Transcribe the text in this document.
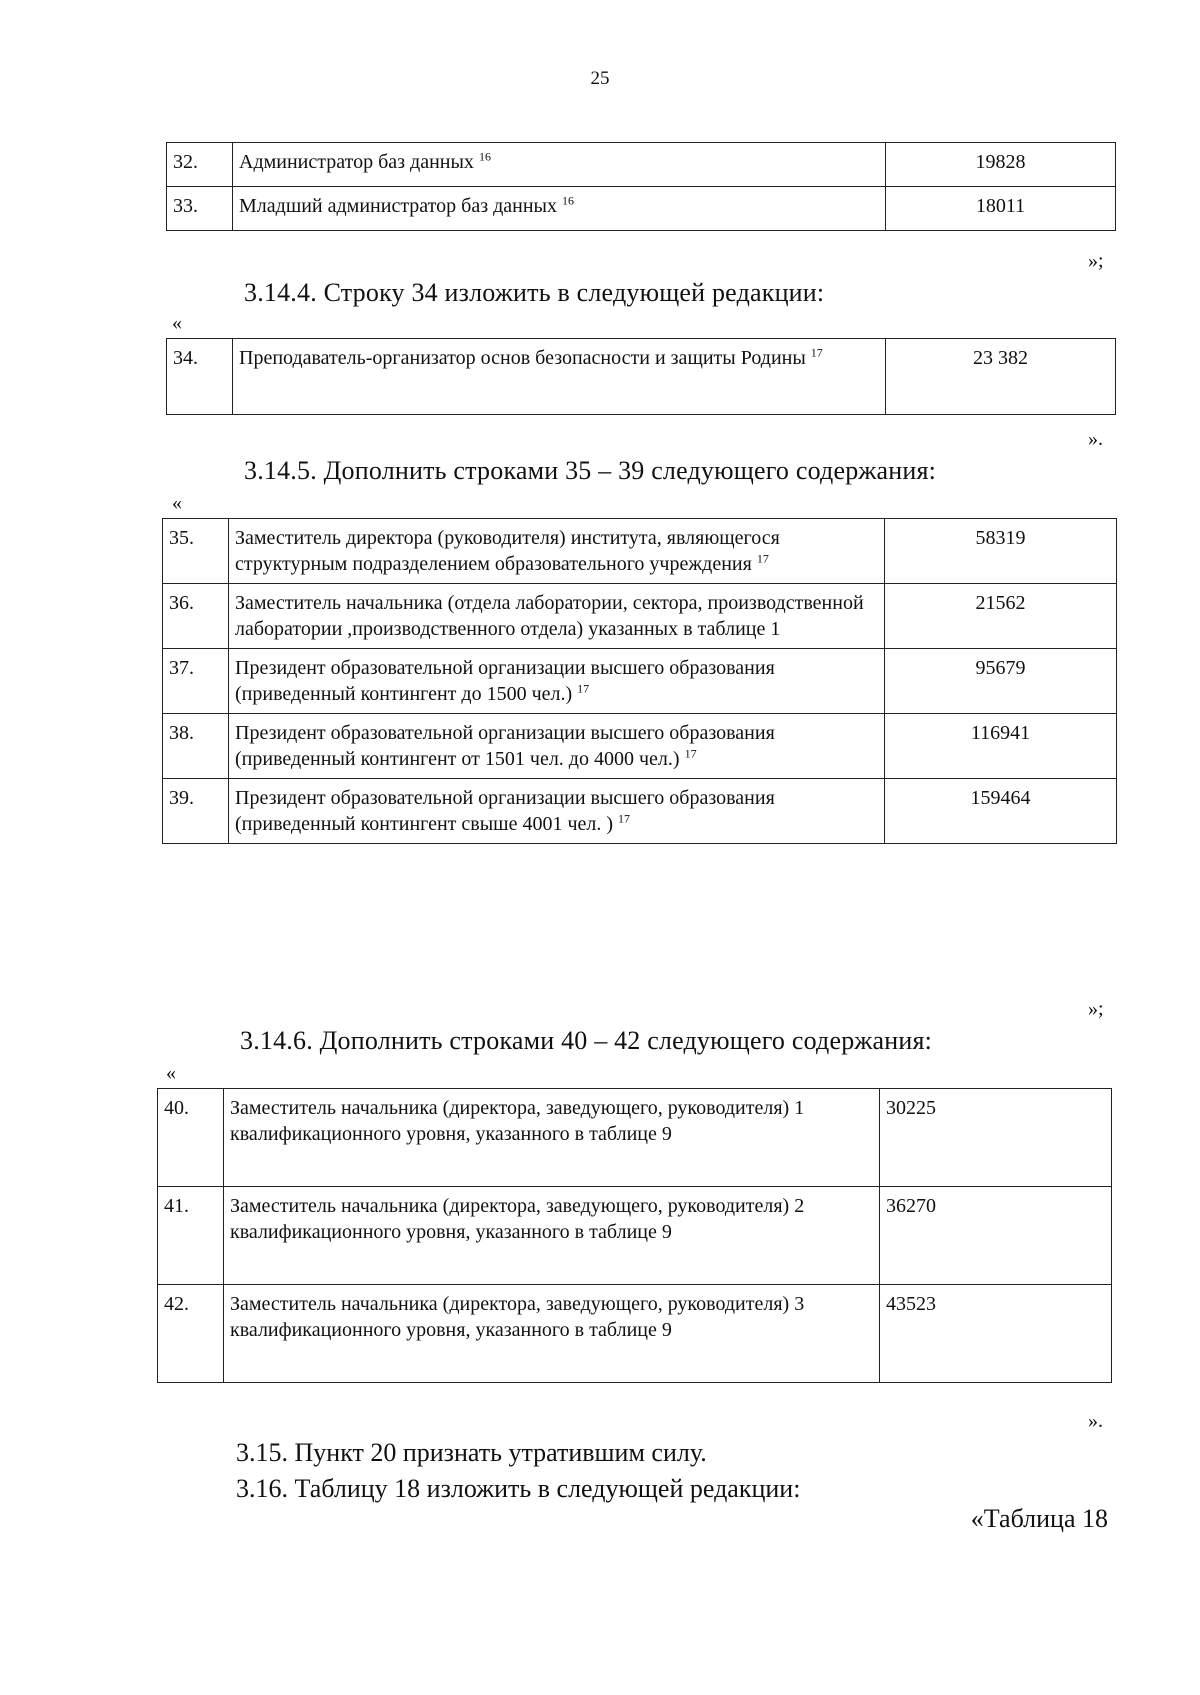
25
32.	Администратор баз данных $^{16}$	19828
33.	Младший администратор баз данных $^{16}$	18011
»;
3.14.4. Строку 34 изложить в следующей редакции:
«
34.	Преподаватель-организатор основ безопасности и защиты Родины $^{17}$	23 382
».
3.14.5. Дополнить строками 35 – 39 следующего содержания:
«
35.	Заместитель директора (руководителя) института, являющегося структурным подразделением образовательного учреждения $^{17}$	58319
36.	Заместитель начальника (отдела лаборатории, сектора, производственной лаборатории ,производственного отдела) указанных в таблице 1	21562
37.	Президент образовательной организации высшего образования (приведенный контингент до 1500 чел.) $^{17}$	95679
38.	Президент образовательной организации высшего образования (приведенный контингент от 1501 чел. до 4000 чел.) $^{17}$	116941
39.	Президент образовательной организации высшего образования (приведенный контингент свыше 4001 чел. ) $^{17}$	159464
»;
3.14.6. Дополнить строками 40 – 42 следующего содержания:
«
40.	Заместитель начальника (директора, заведующего, руководителя) 1 квалификационного уровня, указанного в таблице 9	30225
41.	Заместитель начальника (директора, заведующего, руководителя) 2 квалификационного уровня, указанного в таблице 9	36270
42.	Заместитель начальника (директора, заведующего, руководителя) 3 квалификационного уровня, указанного в таблице 9	43523
».
3.15. Пункт 20 признать утратившим силу.
3.16. Таблицу 18 изложить в следующей редакции:
«Таблица 18
